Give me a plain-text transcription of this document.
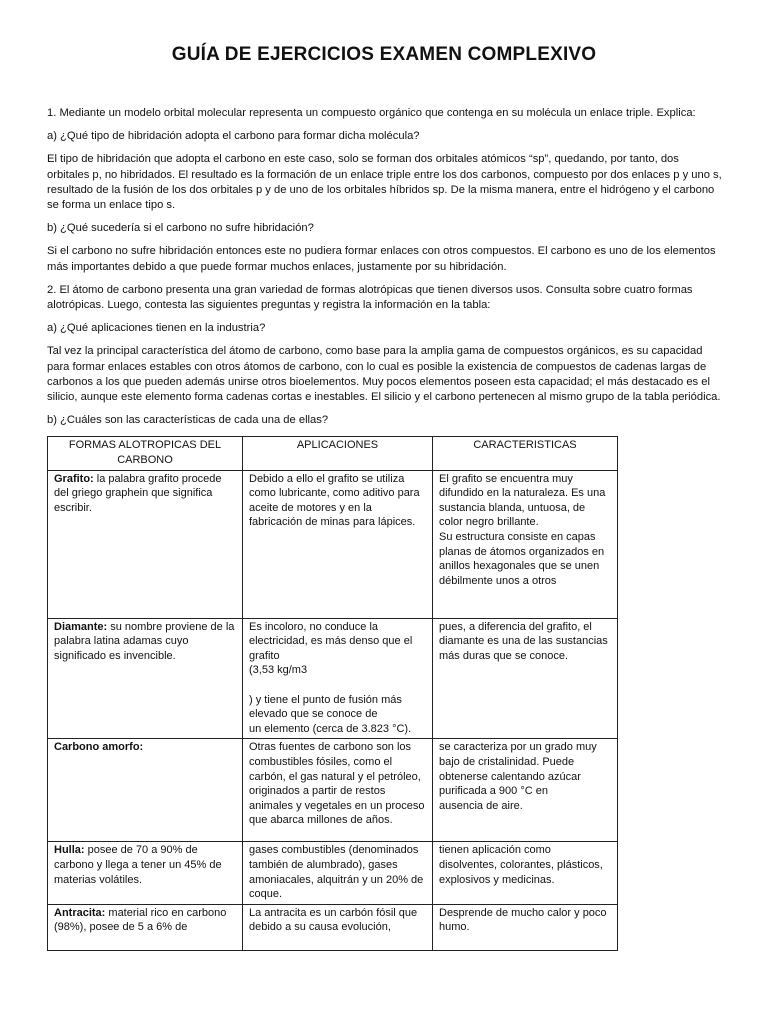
GUÍA DE EJERCICIOS EXAMEN COMPLEXIVO

1. Mediante un modelo orbital molecular representa un compuesto orgánico que contenga en su molécula un enlace triple. Explica:

a) ¿Qué tipo de hibridación adopta el carbono para formar dicha molécula?

El tipo de hibridación que adopta el carbono en este caso, solo se forman dos orbitales atómicos “sp”, quedando, por tanto, dos orbitales p, no hibridados. El resultado es la formación de un enlace triple entre los dos carbonos, compuesto por dos enlaces p y uno s, resultado de la fusión de los dos orbitales p y de uno de los orbitales híbridos sp. De la misma manera, entre el hidrógeno y el carbono se forma un enlace tipo s.

b) ¿Qué sucedería si el carbono no sufre hibridación?

Si el carbono no sufre hibridación entonces este no pudiera formar enlaces con otros compuestos. El carbono es uno de los elementos más importantes debido a que puede formar muchos enlaces, justamente por su hibridación.

2. El átomo de carbono presenta una gran variedad de formas alotrópicas que tienen diversos usos. Consulta sobre cuatro formas alotrópicas. Luego, contesta las siguientes preguntas y registra la información en la tabla:

a) ¿Qué aplicaciones tienen en la industria?

Tal vez la principal característica del átomo de carbono, como base para la amplia gama de compuestos orgánicos, es su capacidad para formar enlaces estables con otros átomos de carbono, con lo cual es posible la existencia de compuestos de cadenas largas de carbonos a los que pueden además unirse otros bioelementos. Muy pocos elementos poseen esta capacidad; el más destacado es el silicio, aunque este elemento forma cadenas cortas e inestables. El silicio y el carbono pertenecen al mismo grupo de la tabla periódica.

b) ¿Cuáles son las características de cada una de ellas?

FORMAS ALOTROPICAS DEL CARBONO	APLICACIONES	CARACTERISTICAS
Grafito: la palabra grafito procede del griego graphein que significa escribir.	Debido a ello el grafito se utiliza como lubricante, como aditivo para aceite de motores y en la fabricación de minas para lápices.	El grafito se encuentra muy difundido en la naturaleza. Es una sustancia blanda, untuosa, de color negro brillante.
Su estructura consiste en capas planas de átomos organizados en anillos hexagonales que se unen débilmente unos a otros
Diamante: su nombre proviene de la palabra latina adamas cuyo significado es invencible.	Es incoloro, no conduce la electricidad, es más denso que el grafito
(3,53 kg/m3

) y tiene el punto de fusión más elevado que se conoce de
un elemento (cerca de 3.823 °C).	pues, a diferencia del grafito, el diamante es una de las sustancias más duras que se conoce.
Carbono amorfo:	Otras fuentes de carbono son los combustibles fósiles, como el carbón, el gas natural y el petróleo, originados a partir de restos animales y vegetales en un proceso que abarca millones de años.	se caracteriza por un grado muy bajo de cristalinidad. Puede obtenerse calentando azúcar purificada a 900 °C en
ausencia de aire.
Hulla: posee de 70 a 90% de carbono y llega a tener un 45% de
materias volátiles.	gases combustibles (denominados también de alumbrado), gases amoniacales, alquitrán y un 20% de coque.	tienen aplicación como disolventes, colorantes, plásticos, explosivos y medicinas.
Antracita: material rico en carbono (98%), posee de 5 a 6% de	La antracita es un carbón fósil que debido a su causa evolución,	Desprende de mucho calor y poco humo.
